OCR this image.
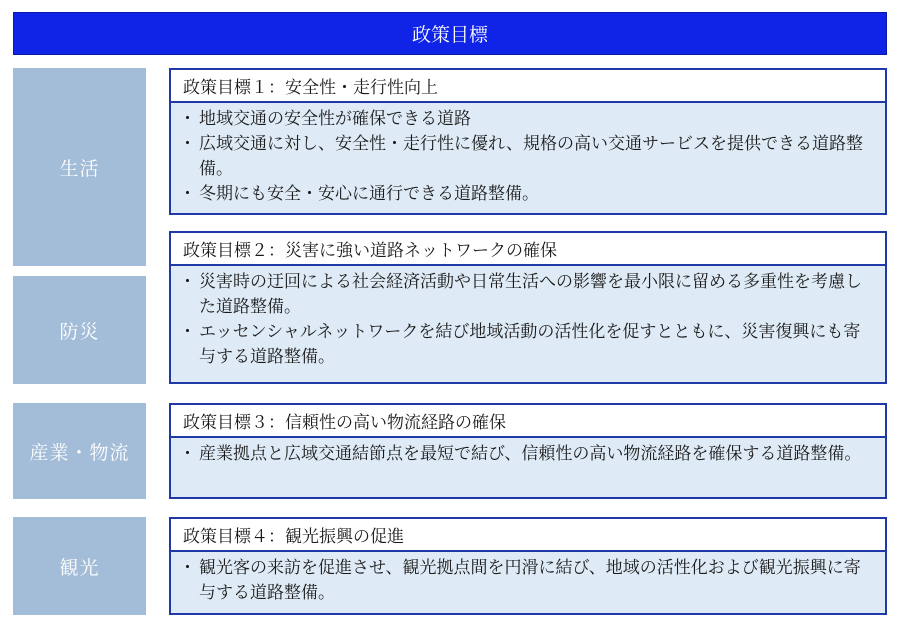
政策目標
生活
防災
産業・物流
観光
政策目標１：安全性・走行性向上
・ 地域交通の安全性が確保できる道路
・ 広域交通に対し、安全性・走行性に優れ、規格の高い交通サービスを提供できる道路整備。
・ 冬期にも安全・安心に通行できる道路整備。
政策目標２：災害に強い道路ネットワークの確保
・ 災害時の迂回による社会経済活動や日常生活への影響を最小限に留める多重性を考慮した道路整備。
・ エッセンシャルネットワークを結び地域活動の活性化を促すとともに、災害復興にも寄与する道路整備。
政策目標３：信頼性の高い物流経路の確保
・ 産業拠点と広域交通結節点を最短で結び、信頼性の高い物流経路を確保する道路整備。
政策目標４：観光振興の促進
・ 観光客の来訪を促進させ、観光拠点間を円滑に結び、地域の活性化および観光振興に寄与する道路整備。
